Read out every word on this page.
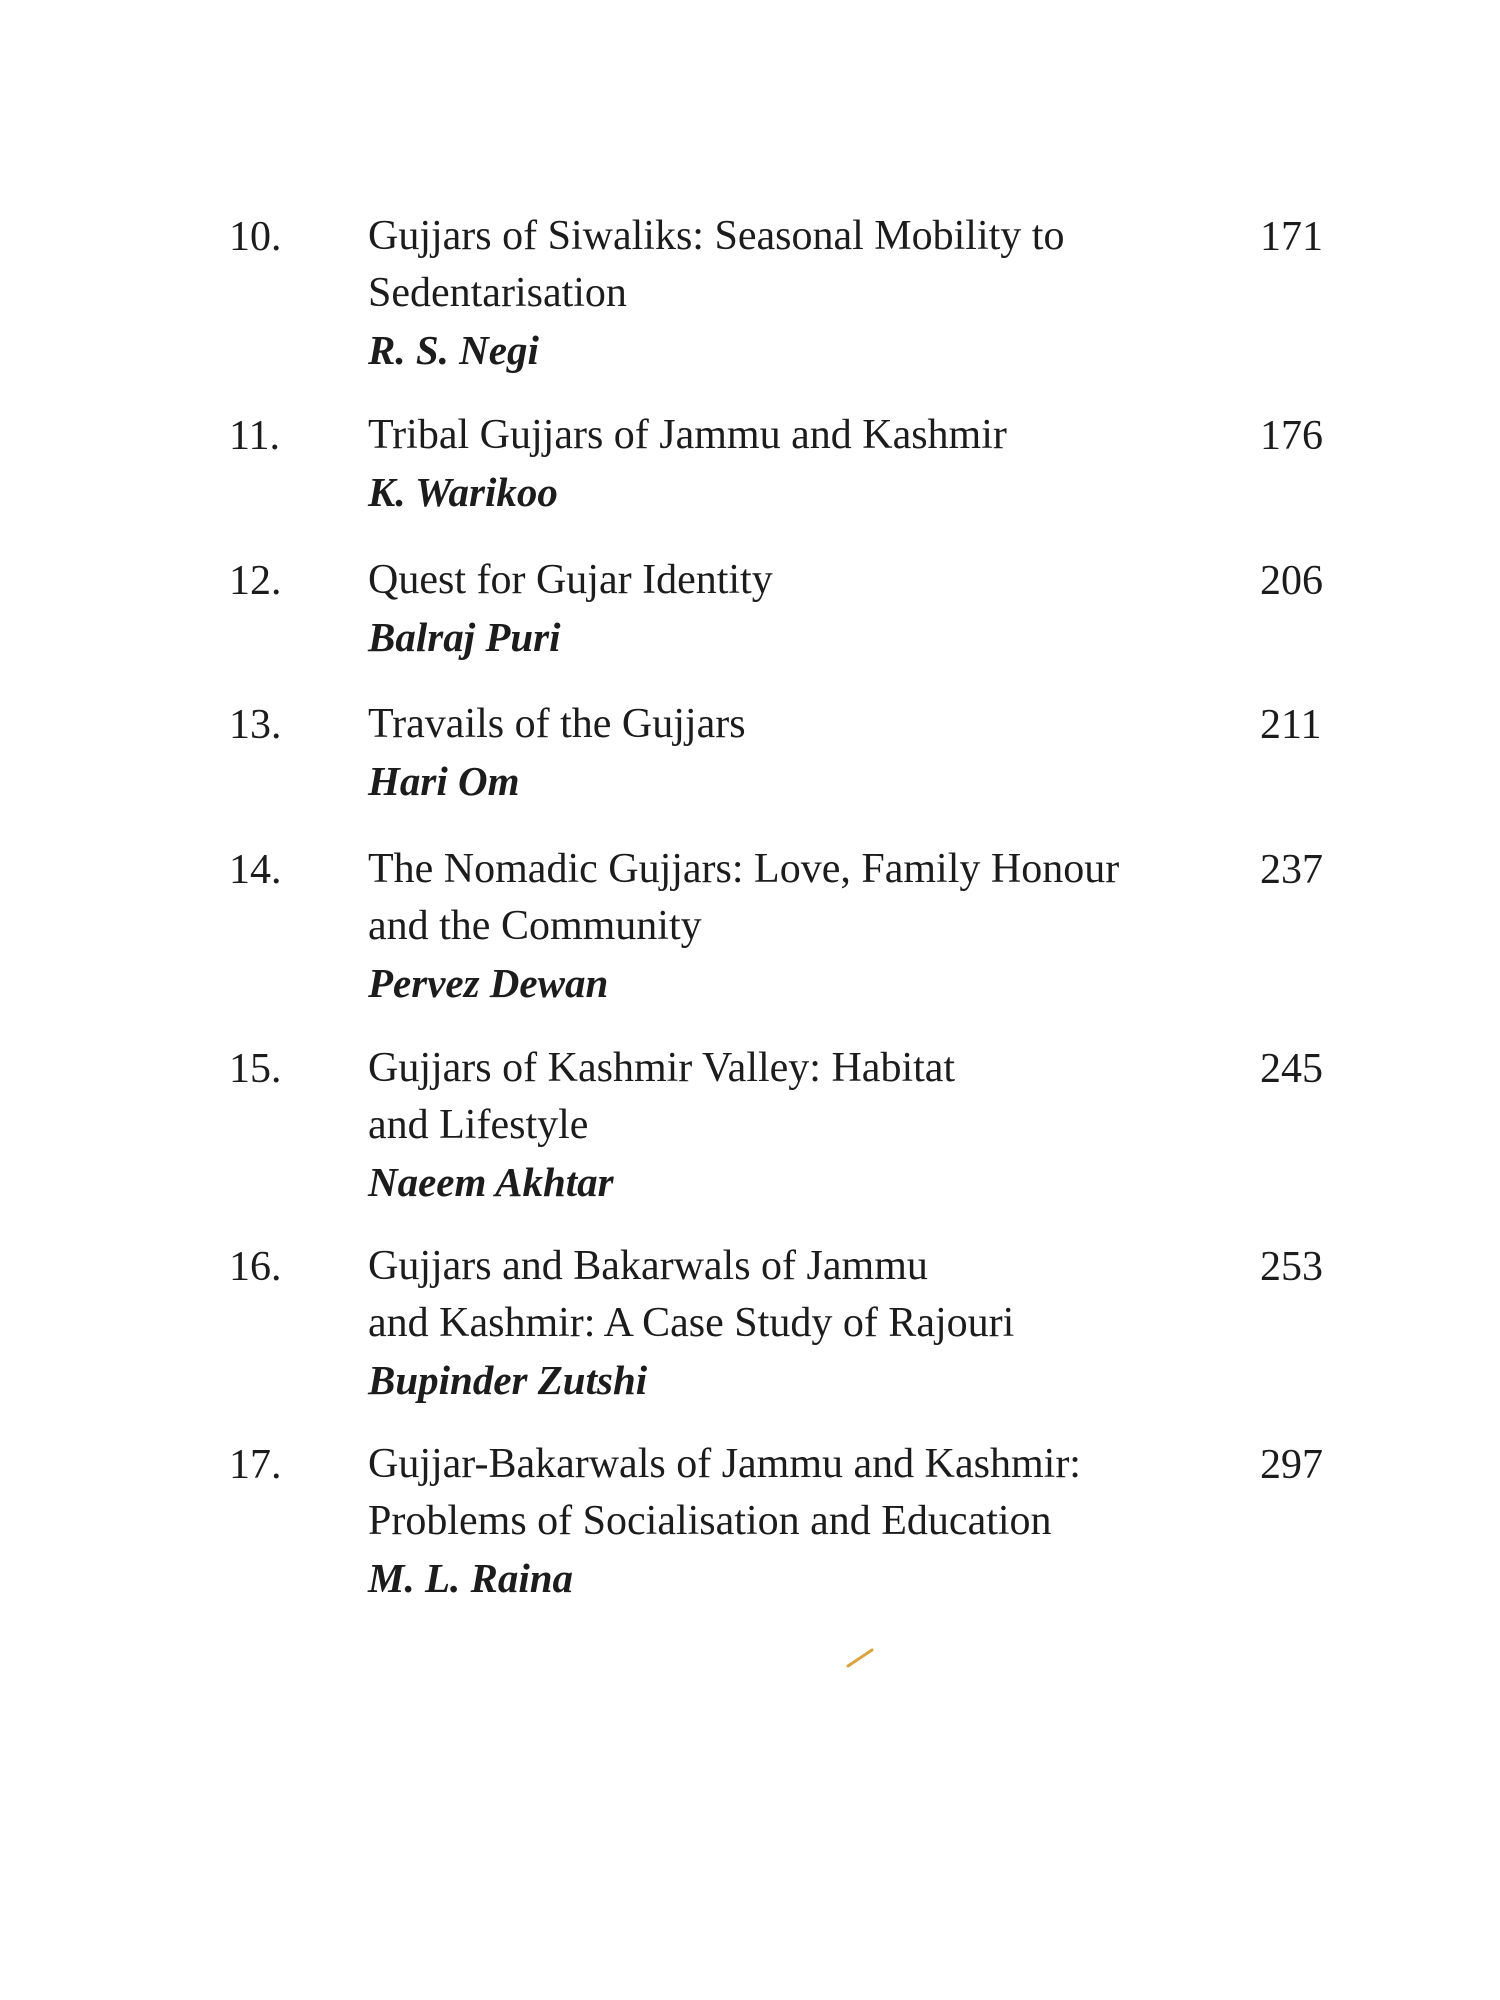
10. Gujjars of Siwaliks: Seasonal Mobility to
Sedentarisation
R. S. Negi
171
11. Tribal Gujjars of Jammu and Kashmir
K. Warikoo
176
12. Quest for Gujar Identity
Balraj Puri
206
13. Travails of the Gujjars
Hari Om
211
14. The Nomadic Gujjars: Love, Family Honour
and the Community
Pervez Dewan
237
15. Gujjars of Kashmir Valley: Habitat
and Lifestyle
Naeem Akhtar
245
16. Gujjars and Bakarwals of Jammu
and Kashmir: A Case Study of Rajouri
Bupinder Zutshi
253
17. Gujjar-Bakarwals of Jammu and Kashmir:
Problems of Socialisation and Education
M. L. Raina
297
